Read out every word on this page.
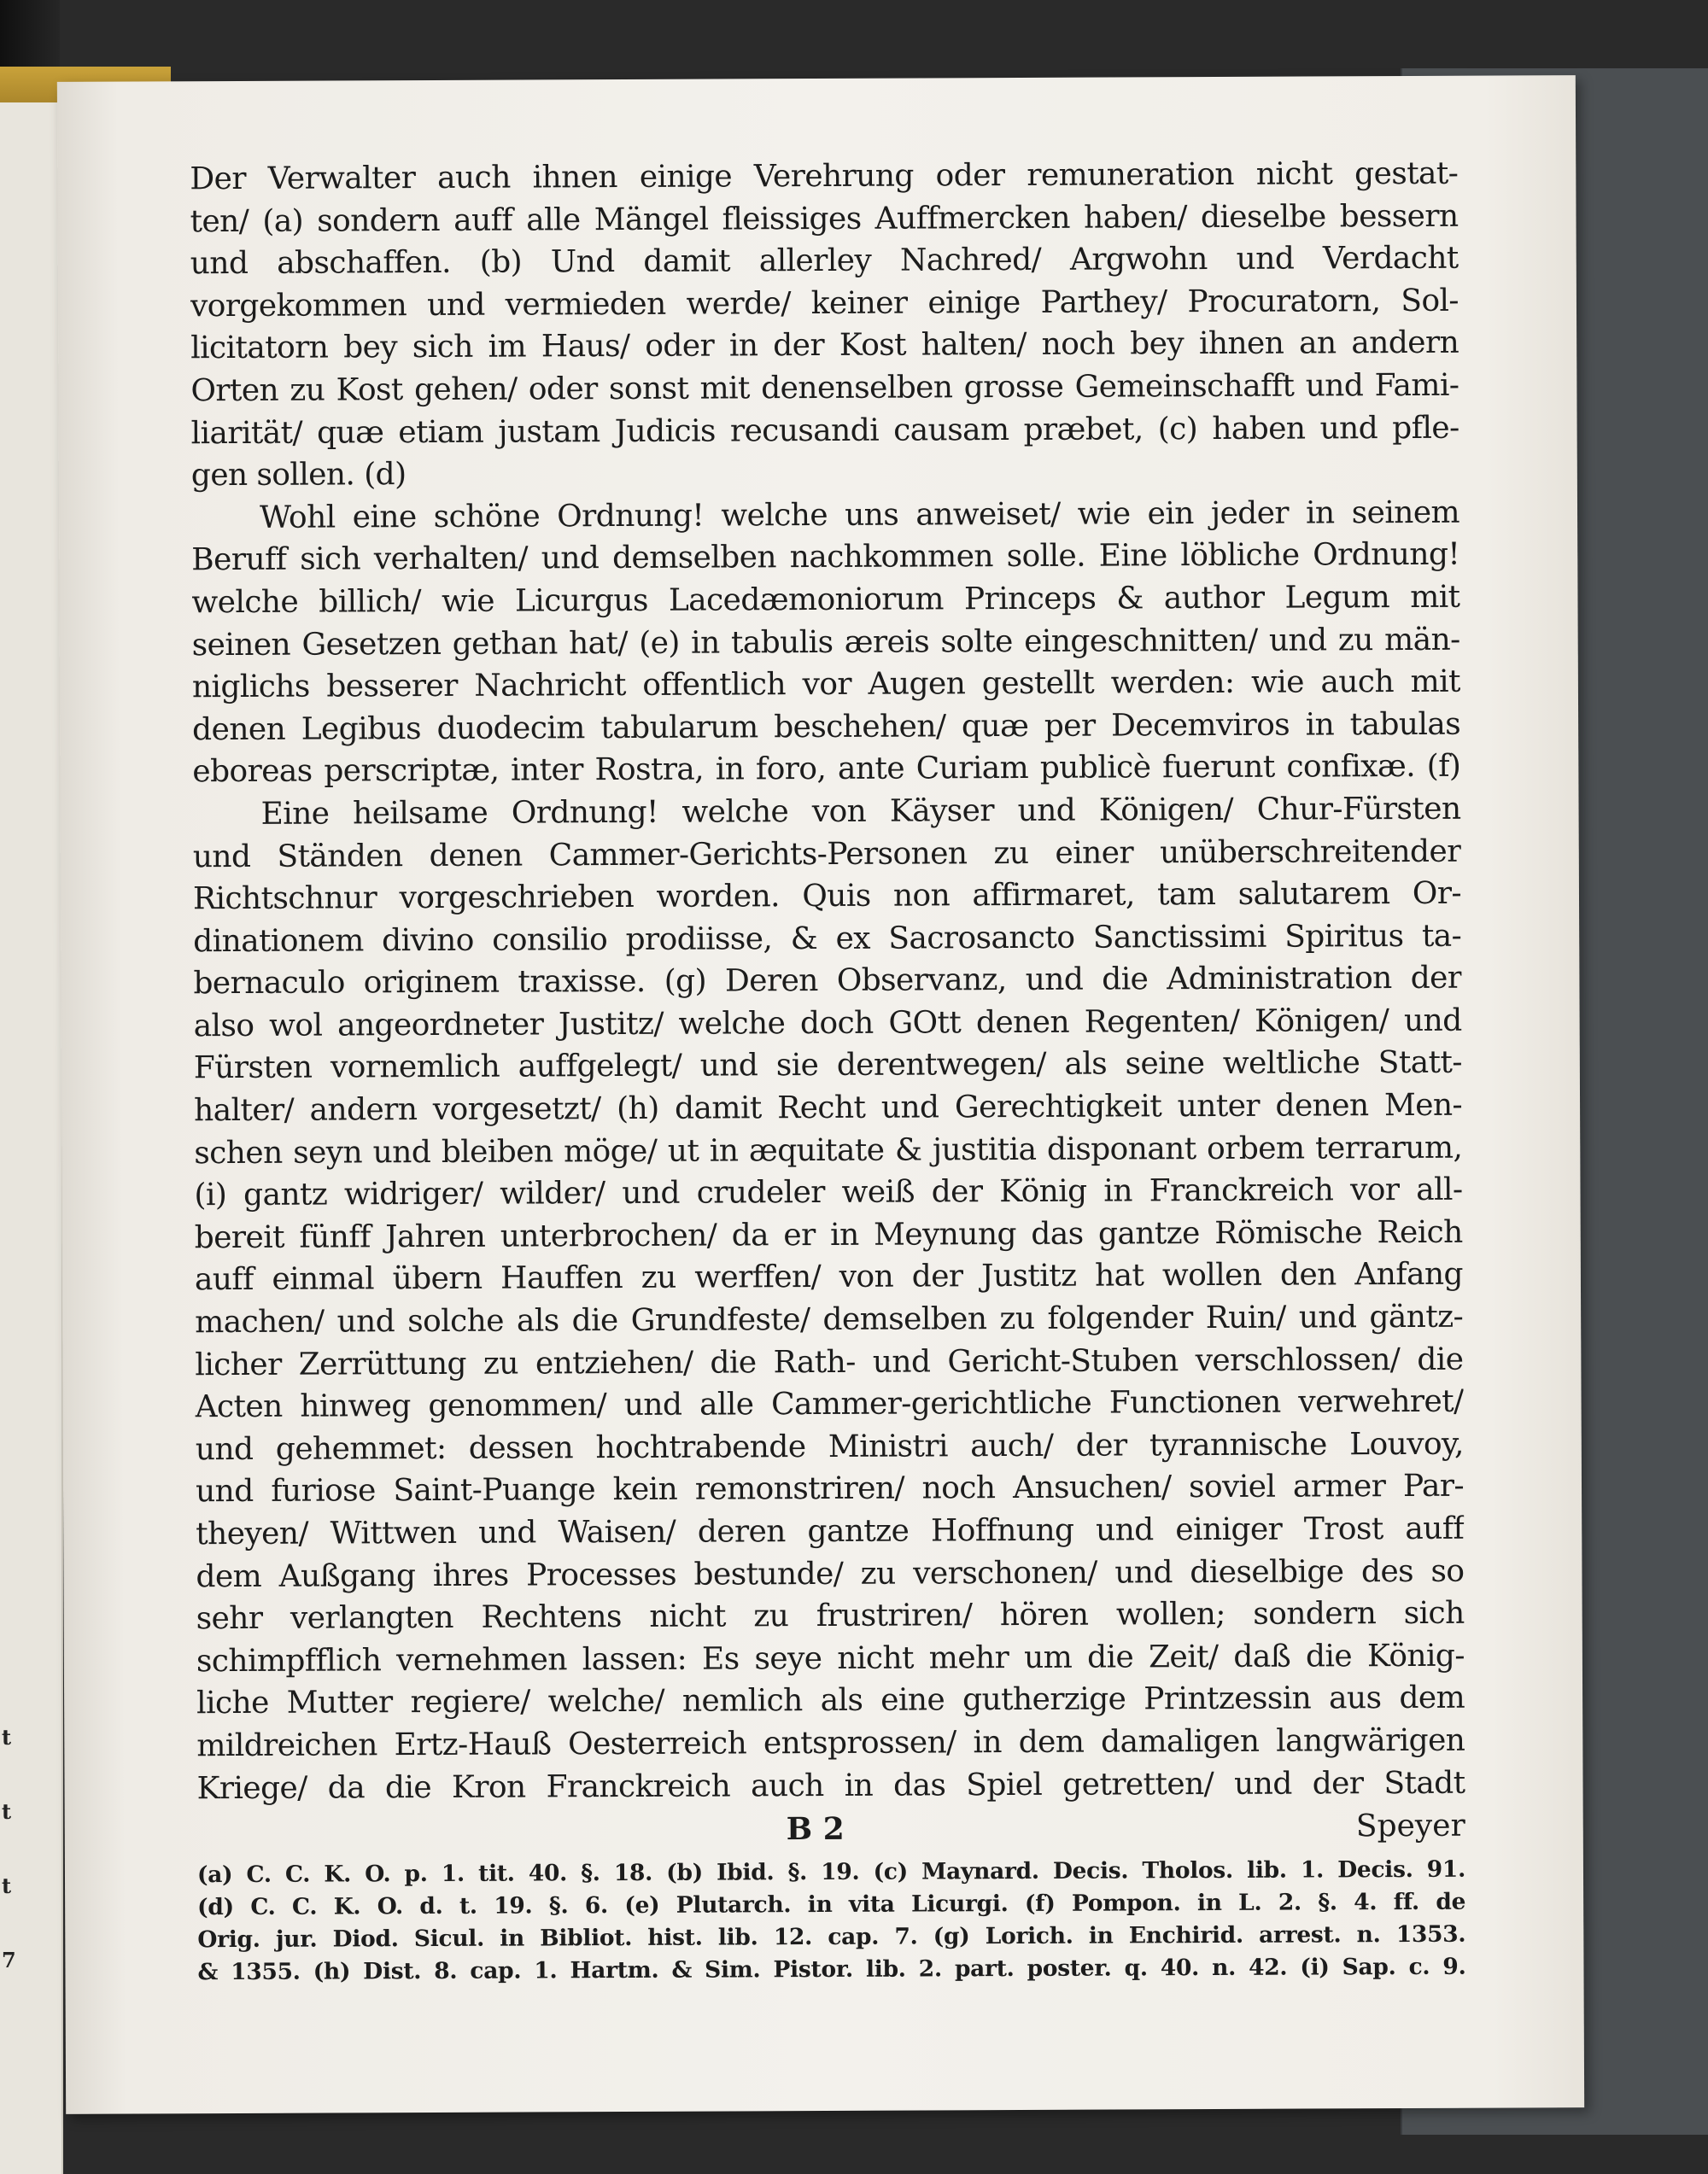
t
t
t
7
Der Verwalter auch ihnen einige Verehrung oder remuneration nicht gestat-
ten/ (a) sondern auff alle Mängel fleissiges Auffmercken haben/ dieselbe bessern
und abschaffen. (b) Und damit allerley Nachred/ Argwohn und Verdacht
vorgekommen und vermieden werde/ keiner einige Parthey/ Procuratorn, Sol-
licitatorn bey sich im Haus/ oder in der Kost halten/ noch bey ihnen an andern
Orten zu Kost gehen/ oder sonst mit denenselben grosse Gemeinschafft und Fami-
liarität/ quæ etiam justam Judicis recusandi causam præbet, (c) haben und pfle-
gen sollen. (d)
Wohl eine schöne Ordnung! welche uns anweiset/ wie ein jeder in seinem
Beruff sich verhalten/ und demselben nachkommen solle. Eine löbliche Ordnung!
welche billich/ wie Licurgus Lacedæmoniorum Princeps & author Legum mit
seinen Gesetzen gethan hat/ (e) in tabulis æreis solte eingeschnitten/ und zu män-
niglichs besserer Nachricht offentlich vor Augen gestellt werden: wie auch mit
denen Legibus duodecim tabularum beschehen/ quæ per Decemviros in tabulas
eboreas perscriptæ, inter Rostra, in foro, ante Curiam publicè fuerunt confixæ. (f)
Eine heilsame Ordnung! welche von Käyser und Königen/ Chur-Fürsten
und Ständen denen Cammer-Gerichts-Personen zu einer unüberschreitender
Richtschnur vorgeschrieben worden. Quis non affirmaret, tam salutarem Or-
dinationem divino consilio prodiisse, & ex Sacrosancto Sanctissimi Spiritus ta-
bernaculo originem traxisse. (g) Deren Observanz, und die Administration der
also wol angeordneter Justitz/ welche doch GOtt denen Regenten/ Königen/ und
Fürsten vornemlich auffgelegt/ und sie derentwegen/ als seine weltliche Statt-
halter/ andern vorgesetzt/ (h) damit Recht und Gerechtigkeit unter denen Men-
schen seyn und bleiben möge/ ut in æquitate & justitia disponant orbem terrarum,
(i) gantz widriger/ wilder/ und crudeler weiß der König in Franckreich vor all-
bereit fünff Jahren unterbrochen/ da er in Meynung das gantze Römische Reich
auff einmal übern Hauffen zu werffen/ von der Justitz hat wollen den Anfang
machen/ und solche als die Grundfeste/ demselben zu folgender Ruin/ und gäntz-
licher Zerrüttung zu entziehen/ die Rath- und Gericht-Stuben verschlossen/ die
Acten hinweg genommen/ und alle Cammer-gerichtliche Functionen verwehret/
und gehemmet: dessen hochtrabende Ministri auch/ der tyrannische Louvoy,
und furiose Saint-Puange kein remonstriren/ noch Ansuchen/ soviel armer Par-
theyen/ Wittwen und Waisen/ deren gantze Hoffnung und einiger Trost auff
dem Außgang ihres Processes bestunde/ zu verschonen/ und dieselbige des so
sehr verlangten Rechtens nicht zu frustriren/ hören wollen; sondern sich
schimpfflich vernehmen lassen: Es seye nicht mehr um die Zeit/ daß die König-
liche Mutter regiere/ welche/ nemlich als eine gutherzige Printzessin aus dem
mildreichen Ertz-Hauß Oesterreich entsprossen/ in dem damaligen langwärigen
Kriege/ da die Kron Franckreich auch in das Spiel getretten/ und der Stadt
B 2	Speyer
(a) C. C. K. O. p. 1. tit. 40. §. 18. (b) Ibid. §. 19. (c) Maynard. Decis. Tholos. lib. 1. Decis. 91.
(d) C. C. K. O. d. t. 19. §. 6. (e) Plutarch. in vita Licurgi. (f) Pompon. in L. 2. §. 4. ff. de
Orig. jur. Diod. Sicul. in Bibliot. hist. lib. 12. cap. 7. (g) Lorich. in Enchirid. arrest. n. 1353.
& 1355. (h) Dist. 8. cap. 1. Hartm. & Sim. Pistor. lib. 2. part. poster. q. 40. n. 42. (i) Sap. c. 9.
